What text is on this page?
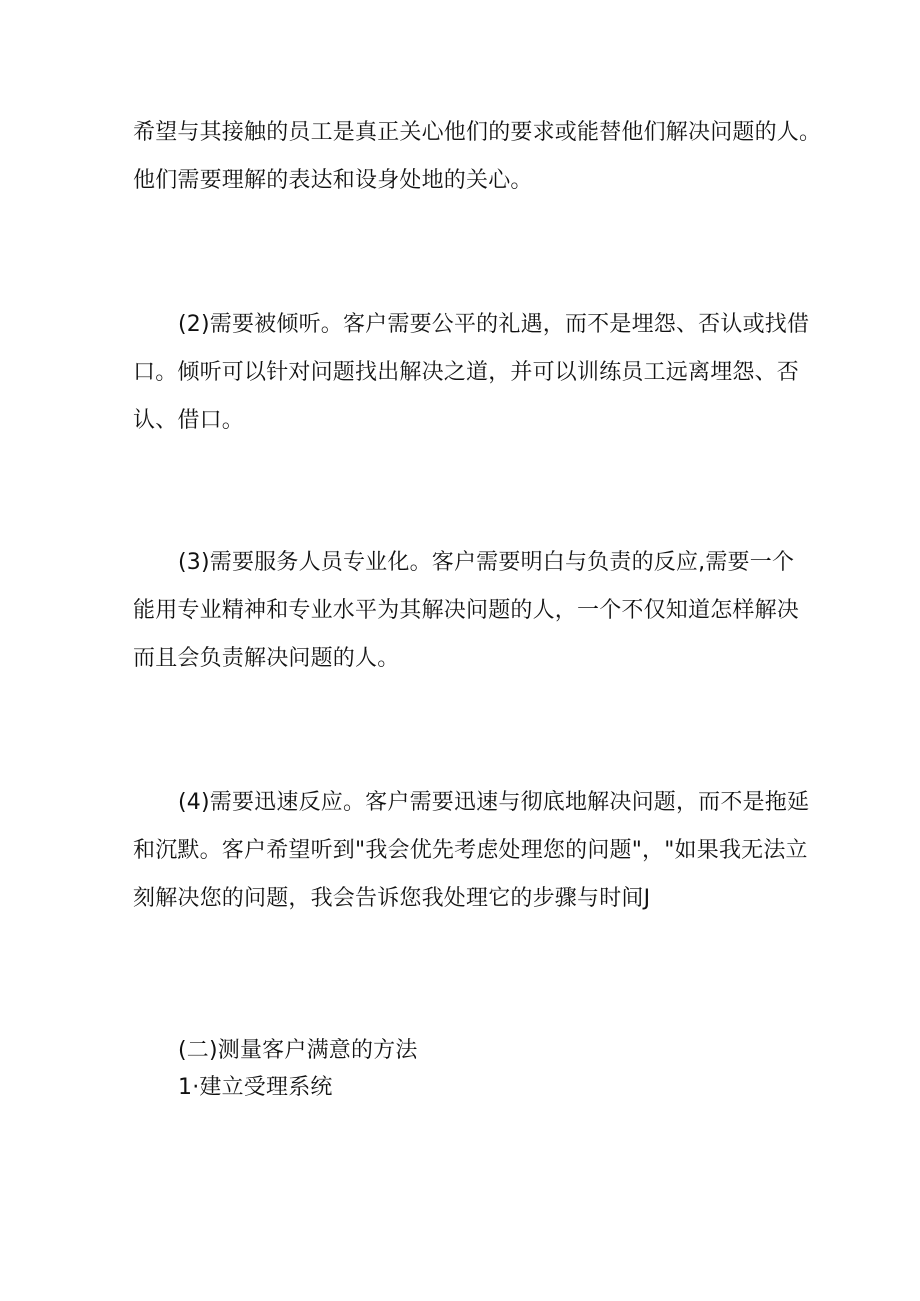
希望与其接触的员工是真正关心他们的要求或能替他们解决问题的人。
他们需要理解的表达和设身处地的关心。
(2)需要被倾听。客户需要公平的礼遇，而不是埋怨、否认或找借
口。倾听可以针对问题找出解决之道，并可以训练员工远离埋怨、否
认、借口。
(3)需要服务人员专业化。客户需要明白与负责的反应,需要一个
能用专业精神和专业水平为其解决问题的人，一个不仅知道怎样解决
而且会负责解决问题的人。
(4)需要迅速反应。客户需要迅速与彻底地解决问题，而不是拖延
和沉默。客户希望听到"我会优先考虑处理您的问题"，"如果我无法立
刻解决您的问题，我会告诉您我处理它的步骤与时间J
(二)测量客户满意的方法
1·建立受理系统
